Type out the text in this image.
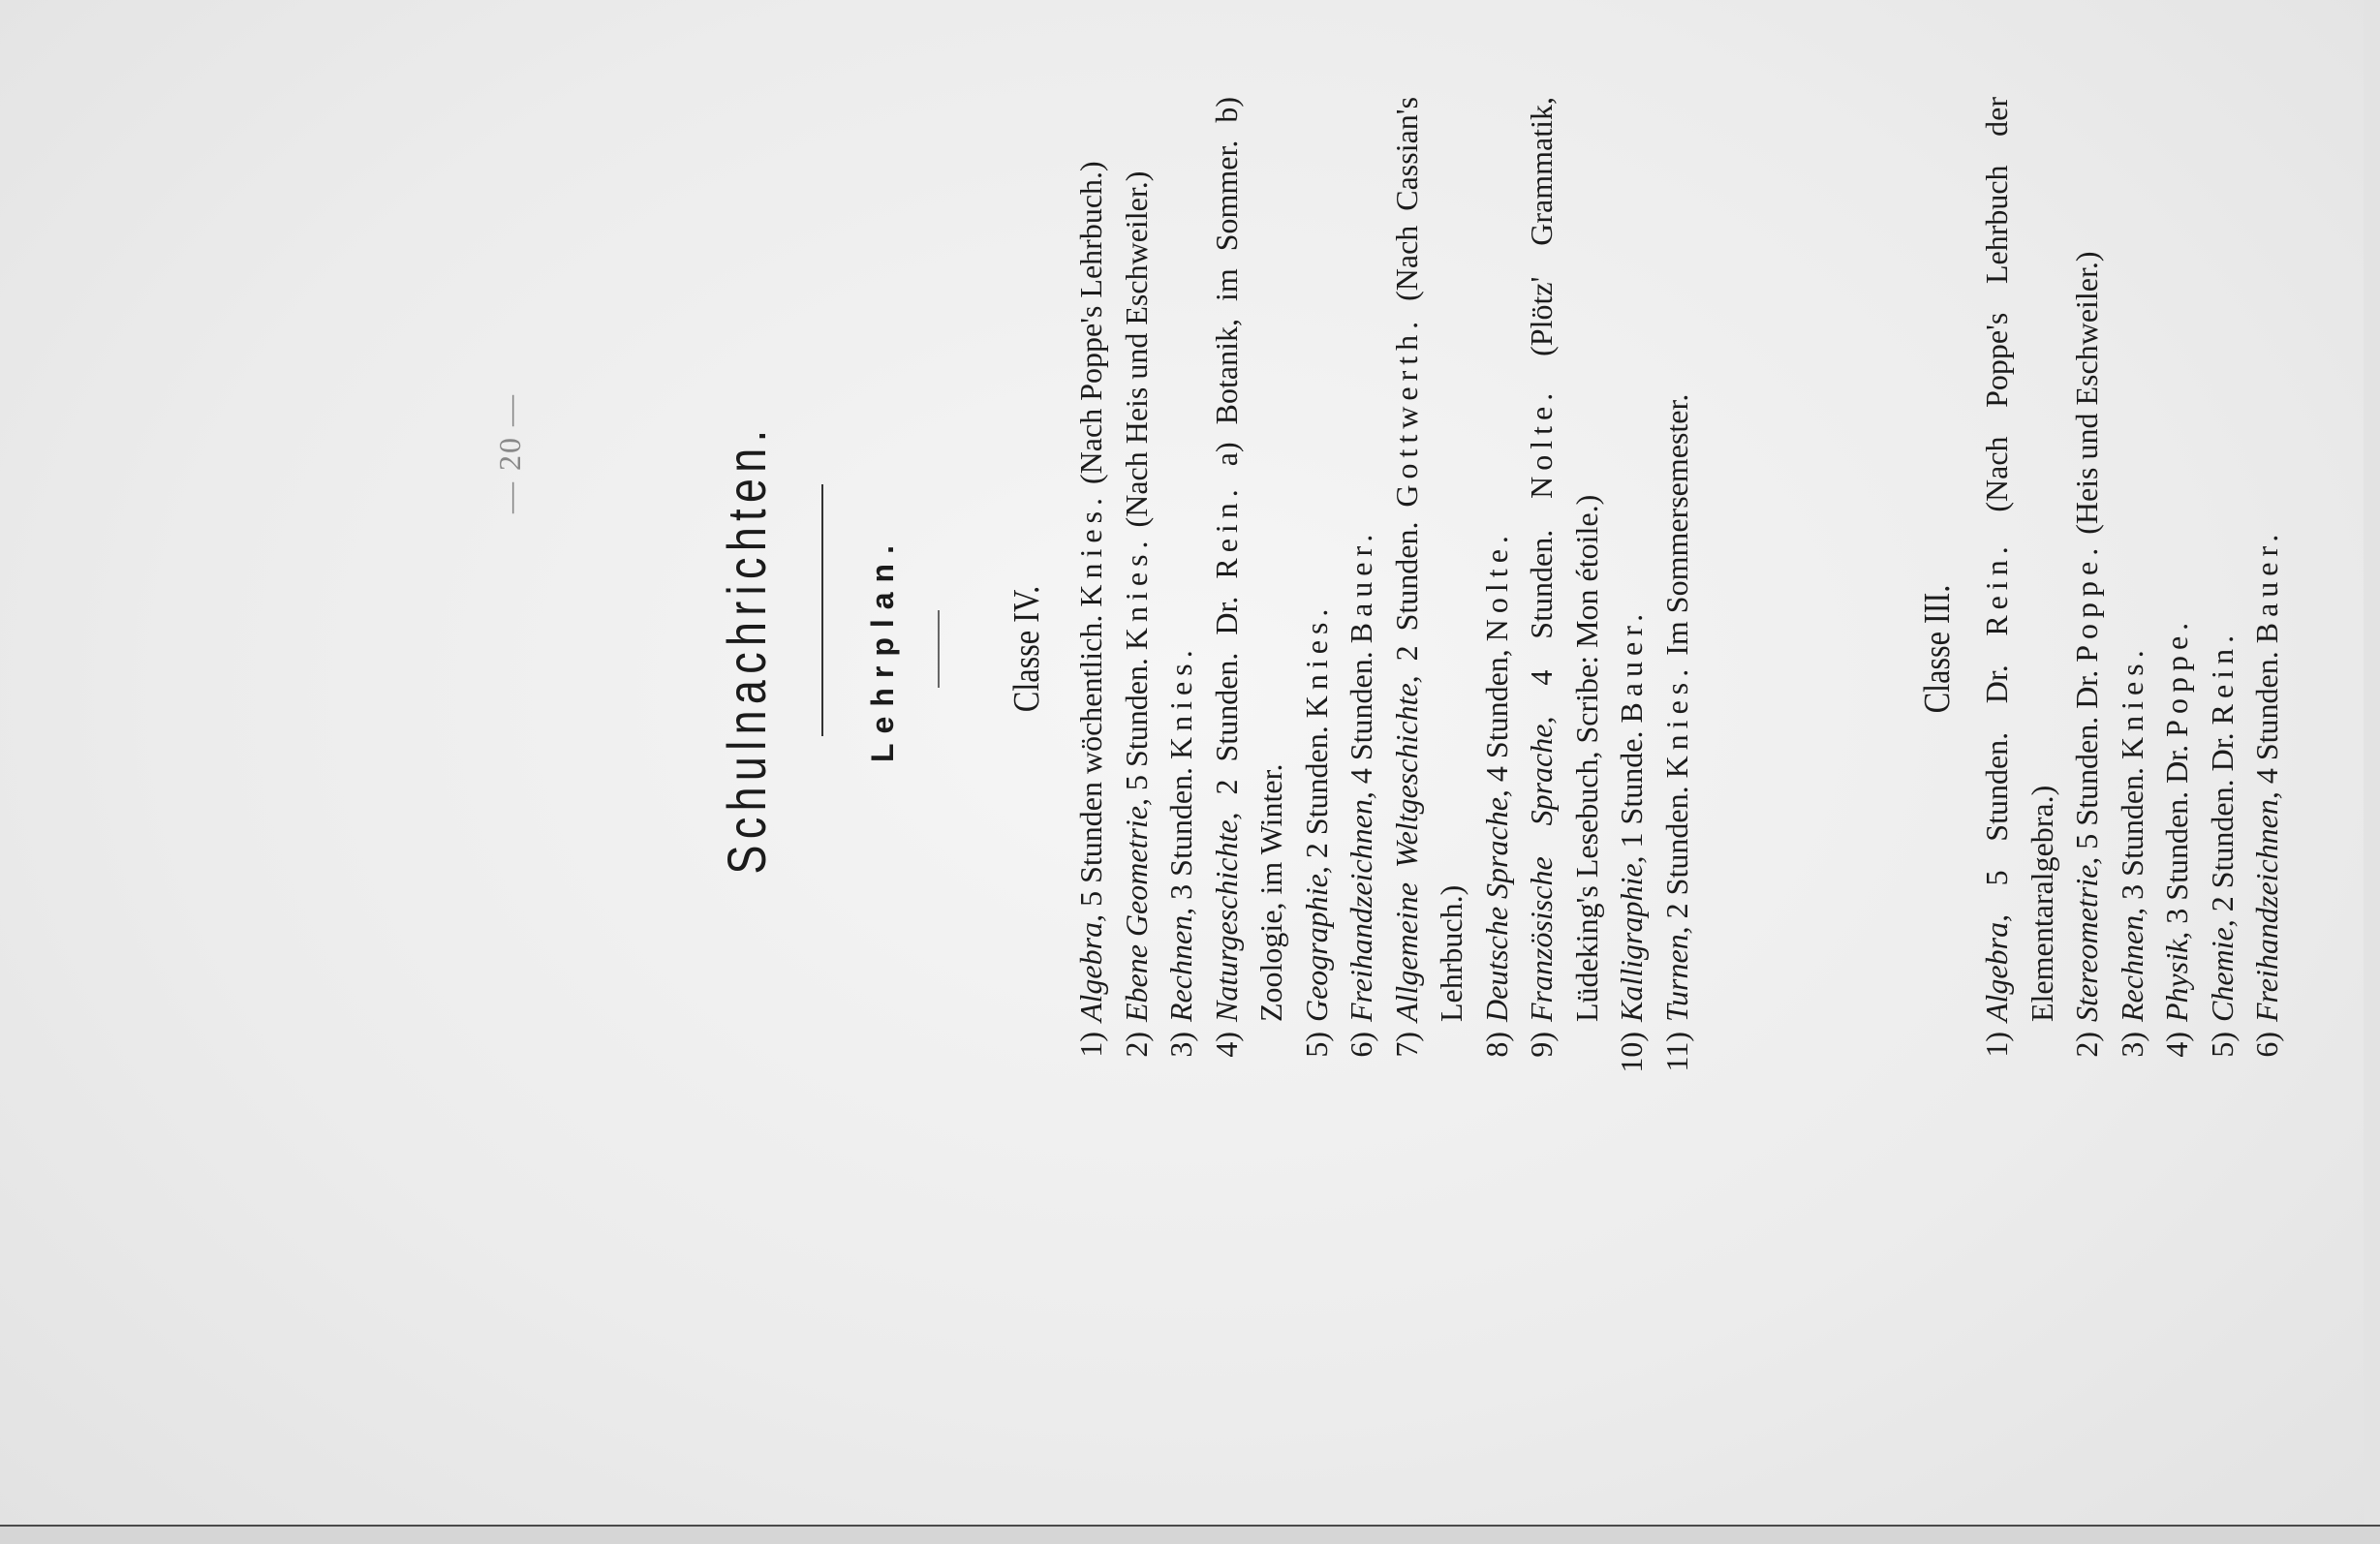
— 20 —	Schulnachrichten.	Lehrplan.	Classe IV.
1)
Algebra, 5 Stunden wöchentlich. Knies. (Nach Poppe's Lehrbuch.)
2)
Ebene Geometrie, 5 Stunden. Knies. (Nach Heis und Eschweiler.)
3)
Rechnen, 3 Stunden. Knies.
4)
Naturgeschichte, 2 Stunden. Dr. Rein. a) Botanik, im Sommer. b) Zoologie, im Winter.
5)
Geographie, 2 Stunden. Knies.
6)
Freihandzeichnen, 4 Stunden. Bauer.
7)
Allgemeine Weltgeschichte, 2 Stunden. Gottwerth. (Nach Cassian's Lehrbuch.)
8)
Deutsche Sprache, 4 Stunden, Nolte.
9)
Französische Sprache, 4 Stunden. Nolte. (Plötz' Grammatik, Lüdeking's Lesebuch, Scribe: Mon étoile.)
10)
Kalligraphie, 1 Stunde. Bauer.
11)
Turnen, 2 Stunden. Knies. Im Sommersemester.	Classe III.
1)
Algebra, 5 Stunden. Dr. Rein. (Nach Poppe's Lehrbuch der Elementaralgebra.)
2)
Stereometrie, 5 Stunden. Dr. Poppe. (Heis und Eschweiler.)
3)
Rechnen, 3 Stunden. Knies.
4)
Physik, 3 Stunden. Dr. Poppe.
5)
Chemie, 2 Stunden. Dr. Rein.
6)
Freihandzeichnen, 4 Stunden. Bauer.
